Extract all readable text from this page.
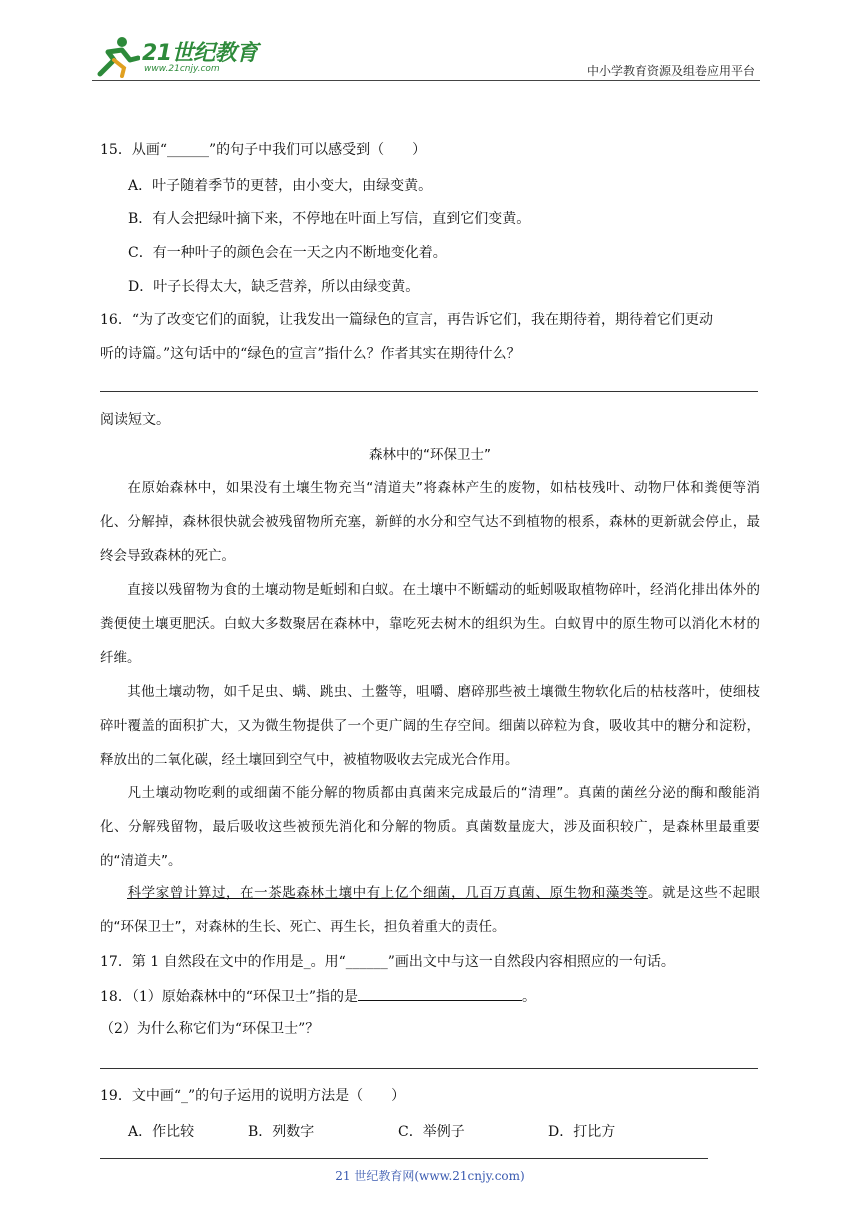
21世纪教育
www.21cnjy.com	中小学教育资源及组卷应用平台
15．从画“______”的句子中我们可以感受到（　　）
A．叶子随着季节的更替，由小变大，由绿变黄。
B．有人会把绿叶摘下来，不停地在叶面上写信，直到它们变黄。
C．有一种叶子的颜色会在一天之内不断地变化着。
D．叶子长得太大，缺乏营养，所以由绿变黄。
16．“为了改变它们的面貌，让我发出一篇绿色的宣言，再告诉它们，我在期待着，期待着它们更动
听的诗篇。”这句话中的“绿色的宣言”指什么？作者其实在期待什么？
阅读短文。
森林中的“环保卫士”
在原始森林中，如果没有土壤生物充当“清道夫”将森林产生的废物，如枯枝残叶、动物尸体和粪便等消化、分解掉，森林很快就会被残留物所充塞，新鲜的水分和空气达不到植物的根系，森林的更新就会停止，最终会导致森林的死亡。
直接以残留物为食的土壤动物是蚯蚓和白蚁。在土壤中不断蠕动的蚯蚓吸取植物碎叶，经消化排出体外的粪便使土壤更肥沃。白蚁大多数聚居在森林中，靠吃死去树木的组织为生。白蚁胃中的原生物可以消化木材的纤维。
其他土壤动物，如千足虫、螨、跳虫、土鳖等，咀嚼、磨碎那些被土壤微生物软化后的枯枝落叶，使细枝碎叶覆盖的面积扩大，又为微生物提供了一个更广阔的生存空间。细菌以碎粒为食，吸收其中的糖分和淀粉，释放出的二氧化碳，经土壤回到空气中，被植物吸收去完成光合作用。
凡土壤动物吃剩的或细菌不能分解的物质都由真菌来完成最后的“清理”。真菌的菌丝分泌的酶和酸能消化、分解残留物，最后吸收这些被预先消化和分解的物质。真菌数量庞大，涉及面积较广，是森林里最重要的“清道夫”。
科学家曾计算过，在一茶匙森林土壤中有上亿个细菌，几百万真菌、原生物和藻类等。就是这些不起眼的“环保卫士”，对森林的生长、死亡、再生长，担负着重大的责任。
17．第 1 自然段在文中的作用是_。用“______”画出文中与这一自然段内容相照应的一句话。
18．（1）原始森林中的“环保卫士”指的是	。
（2）为什么称它们为“环保卫士”？
19．文中画“_”的句子运用的说明方法是（　　）
A．作比较	B．列数字	C．举例子	D．打比方
21 世纪教育网(www.21cnjy.com)
